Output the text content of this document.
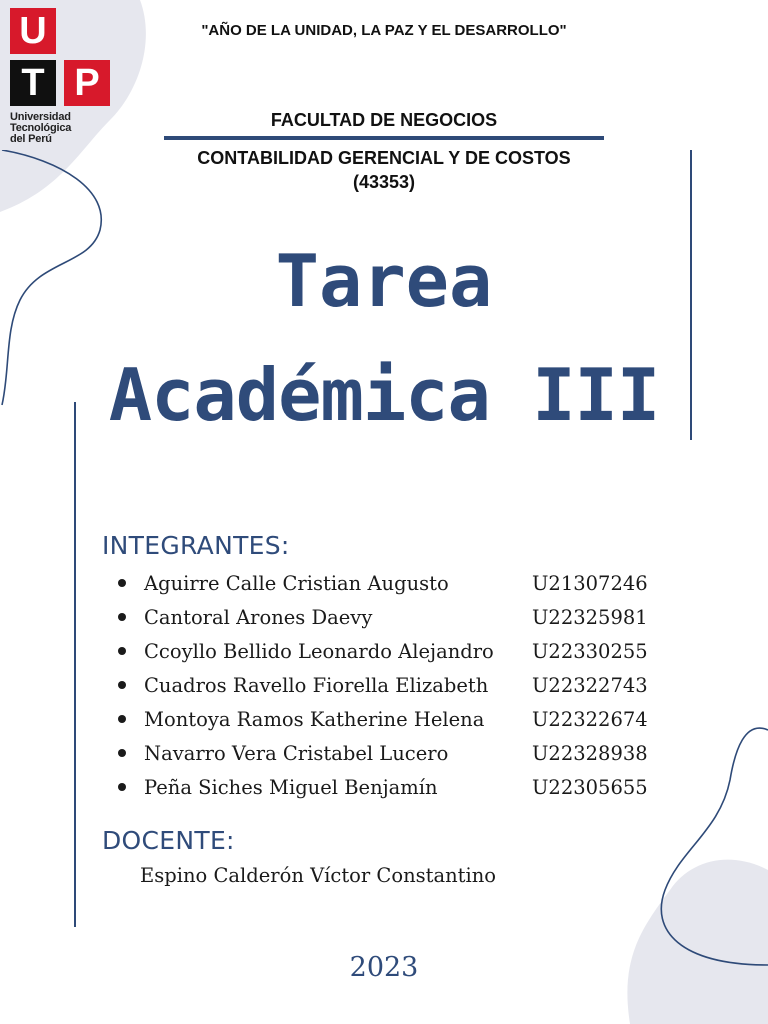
U
T P
Universidad
Tecnológica
del Perú
"AÑO DE LA UNIDAD, LA PAZ Y EL DESARROLLO"
FACULTAD DE NEGOCIOS
CONTABILIDAD GERENCIAL Y DE COSTOS
(43353)
Tarea
Académica III
INTEGRANTES:
Aguirre Calle Cristian Augusto	U21307246
Cantoral Arones Daevy	U22325981
Ccoyllo Bellido Leonardo Alejandro	U22330255
Cuadros Ravello Fiorella Elizabeth	U22322743
Montoya Ramos Katherine Helena	U22322674
Navarro Vera Cristabel Lucero	U22328938
Peña Siches Miguel Benjamín	U22305655
DOCENTE:
Espino Calderón Víctor Constantino
2023
